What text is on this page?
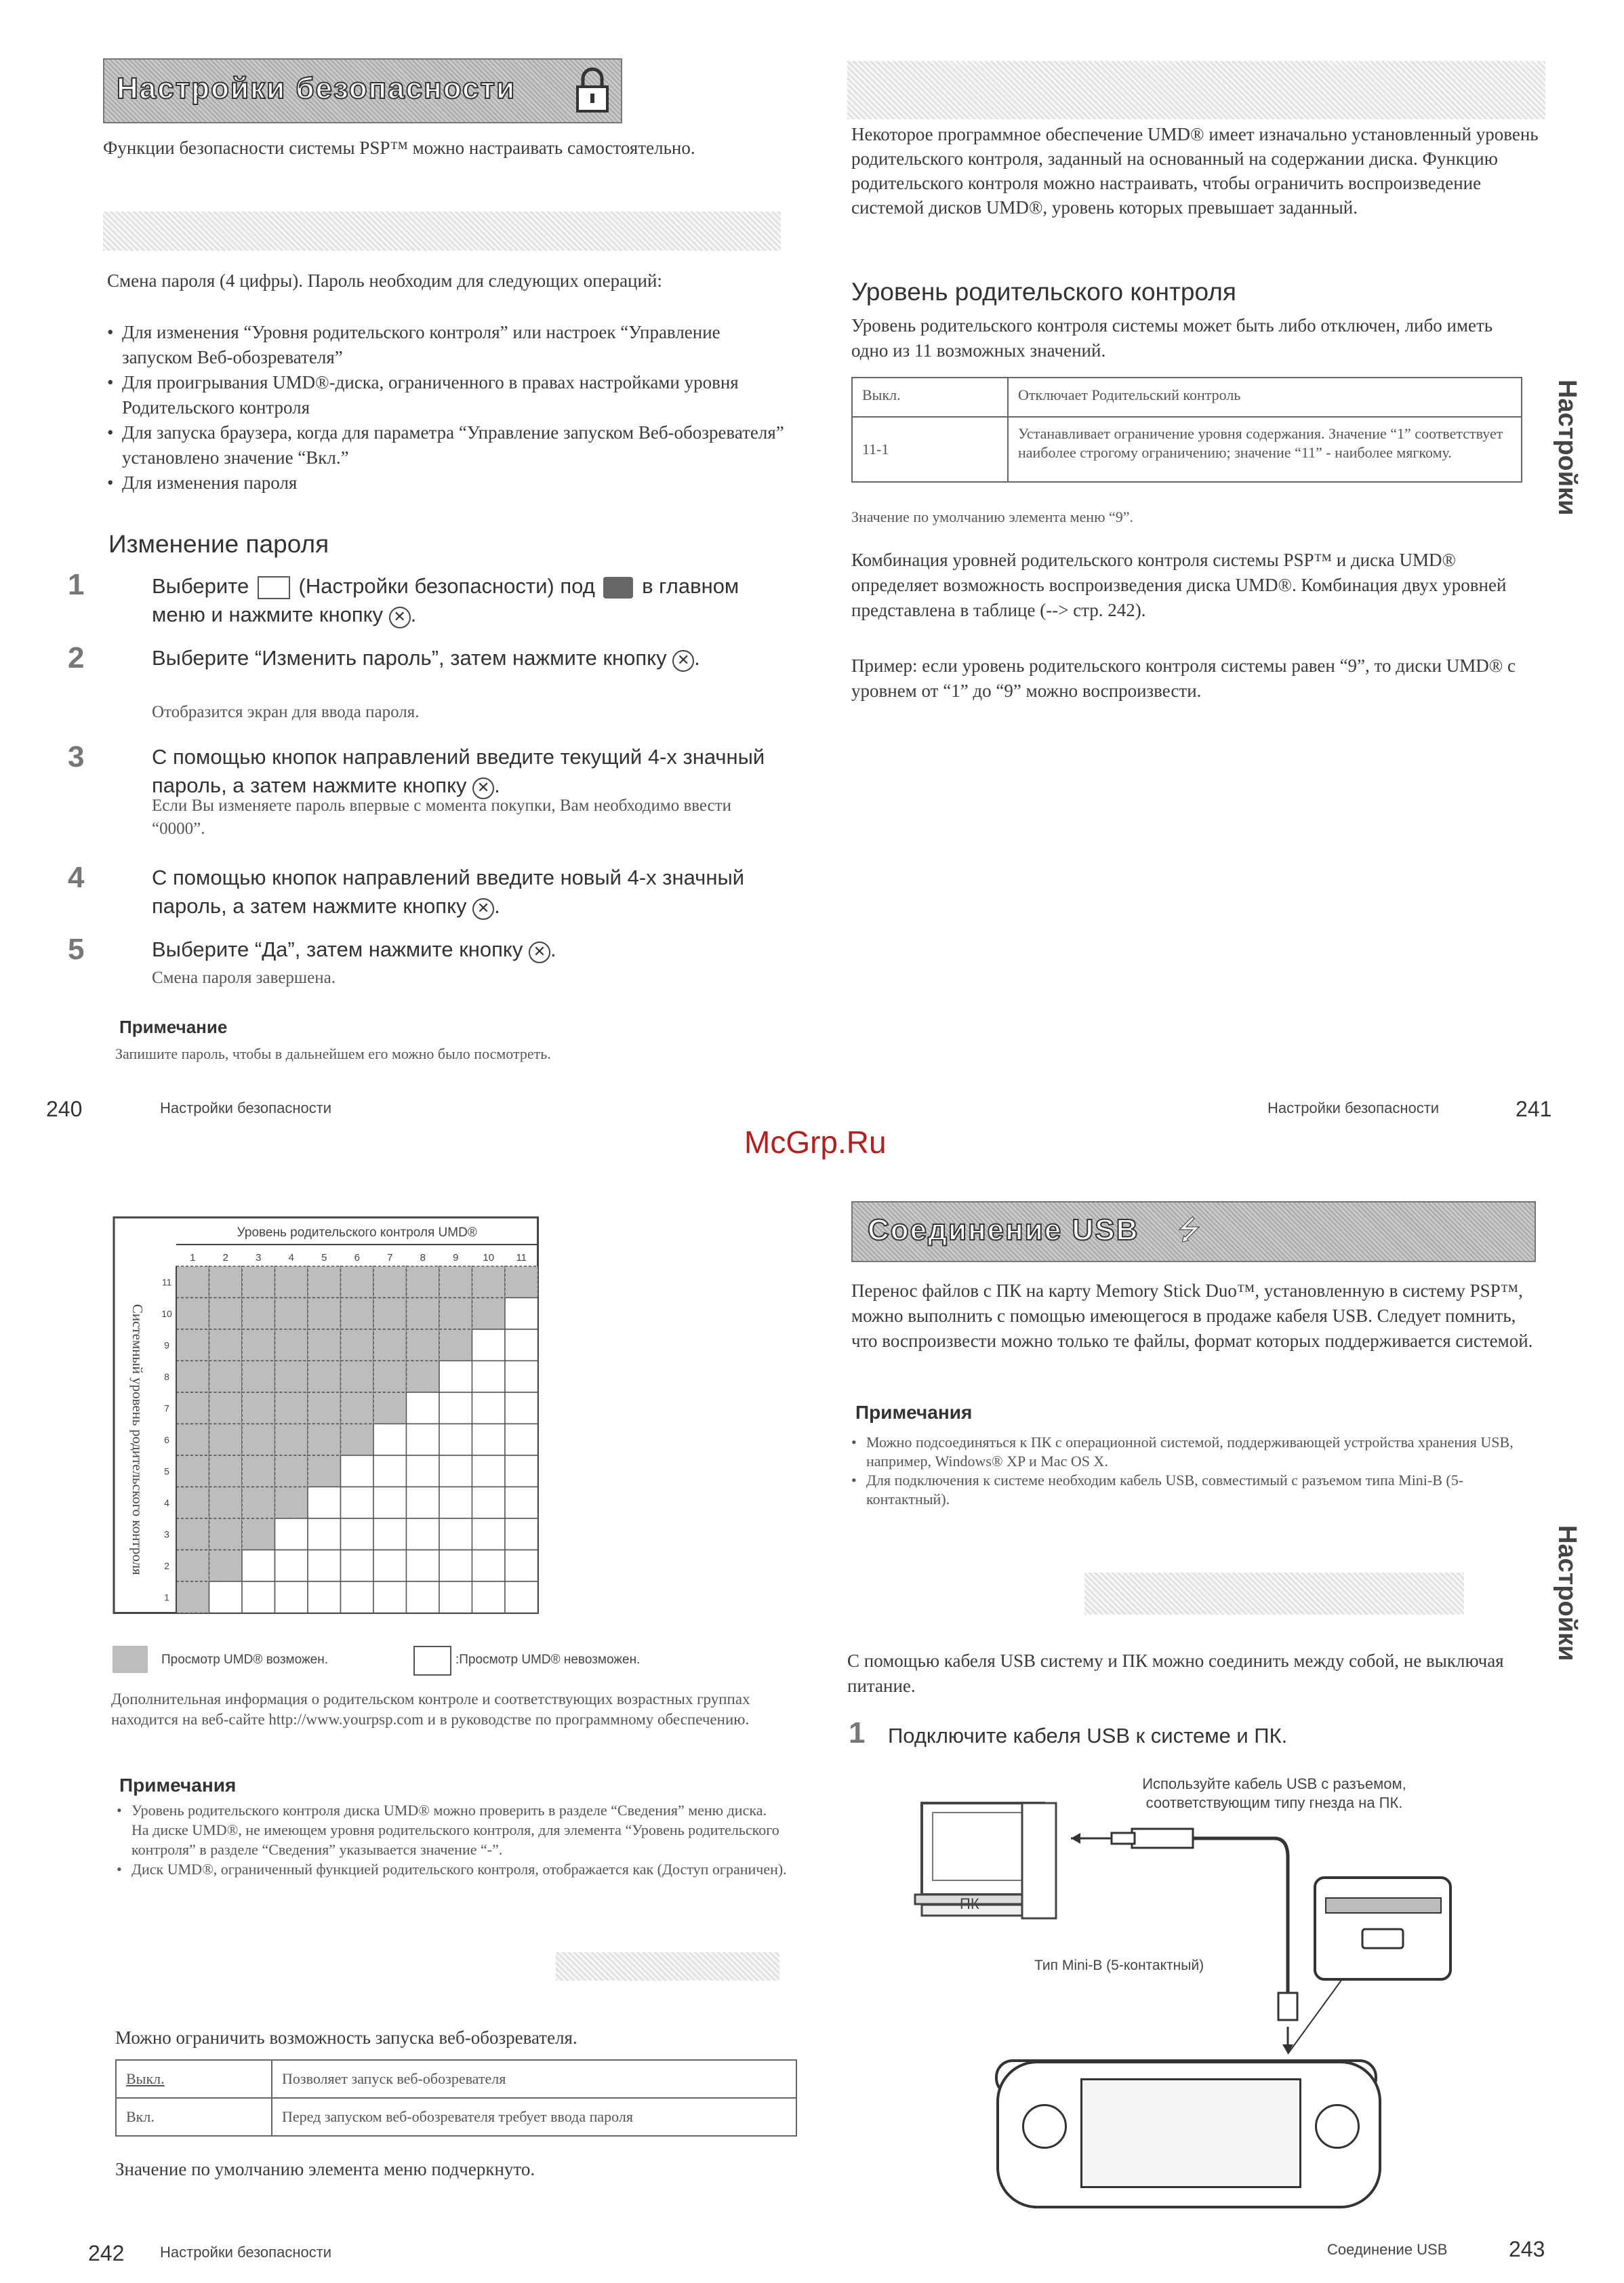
Настройки безопасности
Функции безопасности системы PSP™ можно настраивать самостоятельно.
Смена пароля (4 цифры). Пароль необходим для следующих операций:
• Для изменения “Уровня родительского контроля” или настроек “Управление запуском Веб-обозревателя”
• Для проигрывания UMD®-диска, ограниченного в правах настройками уровня Родительского контроля
• Для запуска браузера, когда для параметра “Управление запуском Веб-обозревателя” установлено значение “Вкл.”
• Для изменения пароля
Изменение пароля
1	Выберите (Настройки безопасности) под в главном меню и нажмите кнопку ✕ .
2	Выберите “Изменить пароль”, затем нажмите кнопку ✕ .
Отобразится экран для ввода пароля.
3	С помощью кнопок направлений введите текущий 4-х значный пароль, а затем нажмите кнопку ✕ .
Если Вы изменяете пароль впервые с момента покупки, Вам необходимо ввести “0000”.
4	С помощью кнопок направлений введите новый 4-х значный пароль, а затем нажмите кнопку ✕ .
5	Выберите “Да”, затем нажмите кнопку ✕ .
Смена пароля завершена.
Примечание
Запишите пароль, чтобы в дальнейшем его можно было посмотреть.
240	Настройки безопасности
Некоторое программное обеспечение UMD® имеет изначально установленный уровень родительского контроля, заданный на основанный на содержании диска. Функцию родительского контроля можно настраивать, чтобы ограничить воспроизведение системой дисков UMD®, уровень которых превышает заданный.
Уровень родительского контроля
Уровень родительского контроля системы может быть либо отключен, либо иметь одно из 11 возможных значений.
Выкл.	Отключает Родительский контроль
11-1	Устанавливает ограничение уровня содержания. Значение “1” соответствует наиболее строгому ограничению; значение “11” - наиболее мягкому.
Значение по умолчанию элемента меню “9”.
Комбинация уровней родительского контроля системы PSP™ и диска UMD® определяет возможность воспроизведения диска UMD®. Комбинация двух уровней представлена в таблице (--> стр. 242).
Пример: если уровень родительского контроля системы равен “9”, то диски UMD® с уровнем от “1” до “9” можно воспроизвести.
Настройки
Настройки безопасности	241
McGrp.Ru
Уровень родительского контроля UMD®
1	2	3	4	5	6	7	8	9 10 11
Системный уровень родительского контроля
11
10
9
8
7
6
5
4
3
2
1
Просмотр UMD® возможен.	:Просмотр UMD® невозможен.
Дополнительная информация о родительском контроле и соответствующих возрастных группах находится на веб-сайте http://www.yourpsp.com и в руководстве по программному обеспечению.
Примечания
• Уровень родительского контроля диска UMD® можно проверить в разделе “Сведения” меню диска. На диске UMD®, не имеющем уровня родительского контроля, для элемента “Уровень родительского контроля” в разделе “Сведения” указывается значение “-”.
• Диск UMD®, ограниченный функцией родительского контроля, отображается как (Доступ ограничен).
Можно ограничить возможность запуска веб-обозревателя.
Выкл.	Позволяет запуск веб-обозревателя
Вкл.	Перед запуском веб-обозревателя требует ввода пароля
Значение по умолчанию элемента меню подчеркнуто.
242 Настройки безопасности
Соединение USB ⭍
Перенос файлов с ПК на карту Memory Stick Duo™, установленную в систему PSP™, можно выполнить с помощью имеющегося в продаже кабеля USB. Следует помнить, что воспроизвести можно только те файлы, формат которых поддерживается системой.
Примечания
• Можно подсоединяться к ПК с операционной системой, поддерживающей устройства хранения USB, например, Windows® XP и Mac OS X.
• Для подключения к системе необходим кабель USB, совместимый с разъемом типа Mini-B (5-контактный).
С помощью кабеля USB систему и ПК можно соединить между собой, не выключая питание.
1 Подключите кабеля USB к системе и ПК.
Используйте кабель USB с разъемом, соответствующим типу гнезда на ПК.
ПК
Тип Mini-B (5-контактный)
Настройки
Соединение USB	243
